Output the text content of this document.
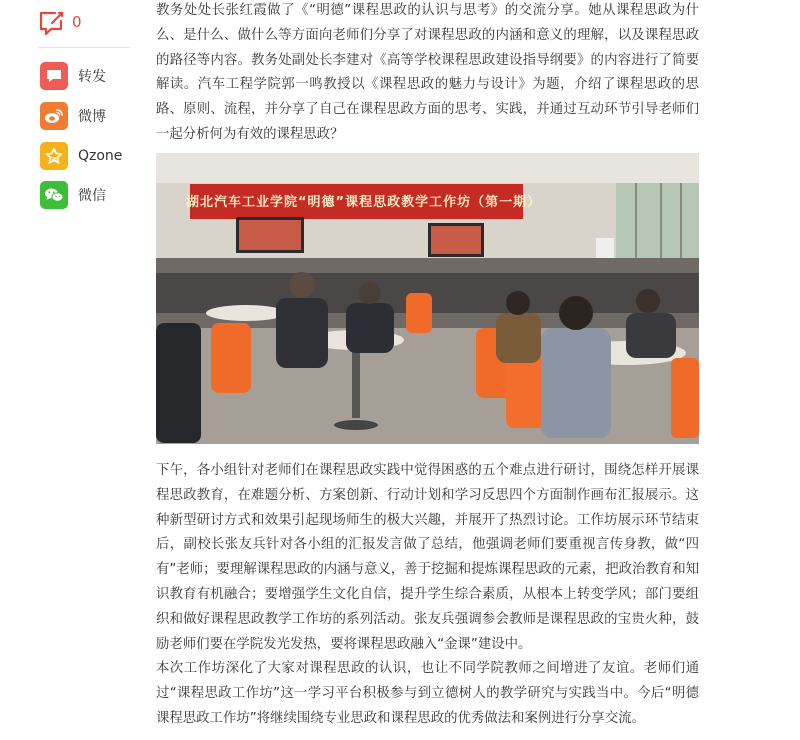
0
转发
微博
Qzone
微信

教务处处长张红霞做了《“明德”课程思政的认识与思考》的交流分享。她从课程思政为什么、是什么、做什么等方面向老师们分享了对课程思政的内涵和意义的理解，以及课程思政的路径等内容。教务处副处长李建对《高等学校课程思政建设指导纲要》的内容进行了简要解读。汽车工程学院郭一鸣教授以《课程思政的魅力与设计》为题，介绍了课程思政的思路、原则、流程，并分享了自己在课程思政方面的思考、实践，并通过互动环节引导老师们一起分析何为有效的课程思政？

湖北汽车工业学院“明德”课程思政教学工作坊（第一期）

下午，各小组针对老师们在课程思政实践中觉得困惑的五个难点进行研讨，围绕怎样开展课程思政教育，在难题分析、方案创新、行动计划和学习反思四个方面制作画布汇报展示。这种新型研讨方式和效果引起现场师生的极大兴趣，并展开了热烈讨论。工作坊展示环节结束后，副校长张友兵针对各小组的汇报发言做了总结，他强调老师们要重视言传身教，做“四有”老师；要理解课程思政的内涵与意义，善于挖掘和提炼课程思政的元素，把政治教育和知识教育有机融合；要增强学生文化自信，提升学生综合素质，从根本上转变学风；部门要组织和做好课程思政教学工作坊的系列活动。张友兵强调参会教师是课程思政的宝贵火种，鼓励老师们要在学院发光发热，要将课程思政融入“金课”建设中。

本次工作坊深化了大家对课程思政的认识，也让不同学院教师之间增进了友谊。老师们通过“课程思政工作坊”这一学习平台积极参与到立德树人的教学研究与实践当中。今后“明德课程思政工作坊”将继续围绕专业思政和课程思政的优秀做法和案例进行分享交流。
